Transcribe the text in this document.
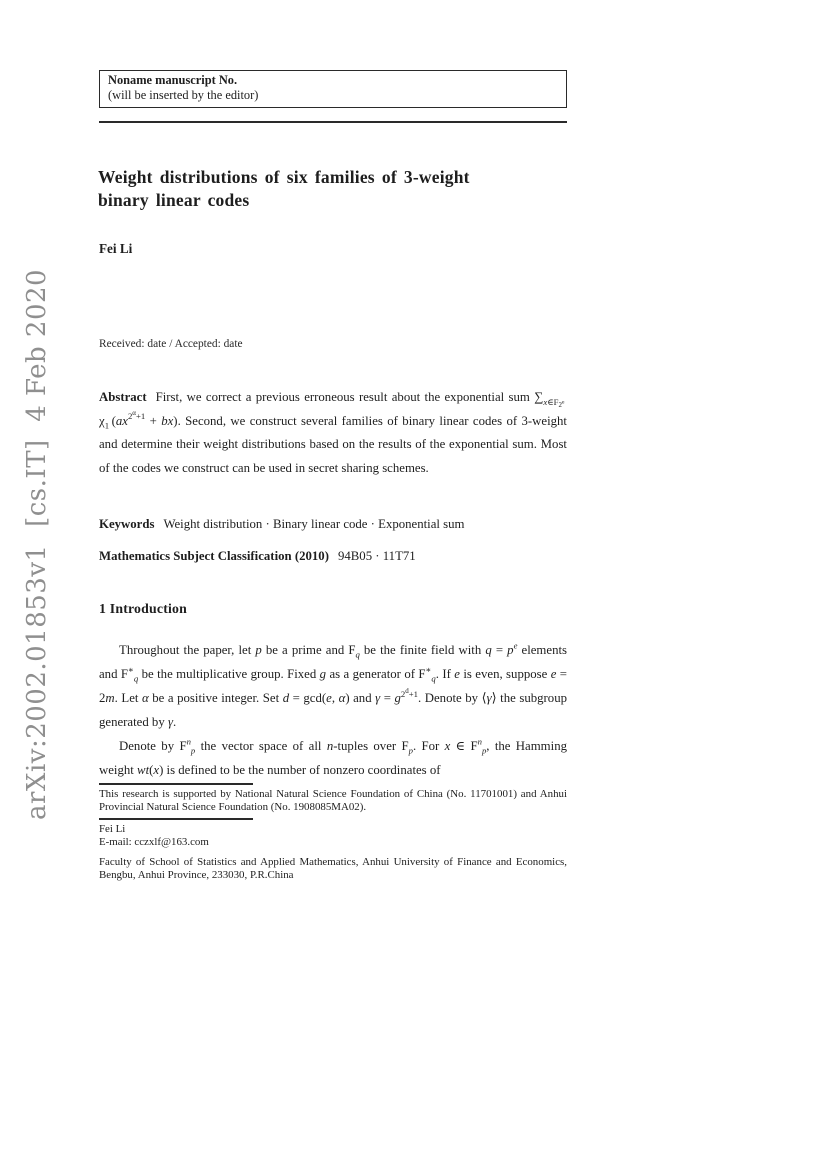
arXiv:2002.01853v1  [cs.IT]  4 Feb 2020
Noname manuscript No.
(will be inserted by the editor)
Weight distributions of six families of 3-weight
binary linear codes
Fei Li
Received: date / Accepted: date
Abstract First, we correct a previous erroneous result about the exponential sum $\sum_{x\in F_{2^e}}$ $\chi_1$ $(ax^{2^\alpha+1} + bx)$. Second, we construct several families of binary linear codes of 3-weight and determine their weight distributions based on the results of the exponential sum. Most of the codes we construct can be used in secret sharing schemes.
Keywords Weight distribution · Binary linear code · Exponential sum
Mathematics Subject Classification (2010) 94B05 · 11T71
1 Introduction
Throughout the paper, let p be a prime and $F_q$ be the finite field with $q = p^e$ elements and $F^∗_q$ be the multiplicative group. Fixed g as a generator of $F^∗_q$. If e is even, suppose e = 2m. Let α be a positive integer. Set d = gcd(e, α) and $\gamma = g^{2^d+1}$. Denote by ⟨γ⟩ the subgroup generated by γ.
Denote by $F^n_p$ the vector space of all n-tuples over $F_p$. For x ∈ $F^n_p$, the Hamming weight wt(x) is defined to be the number of nonzero coordinates of
This research is supported by National Natural Science Foundation of China (No. 11701001) and Anhui Provincial Natural Science Foundation (No. 1908085MA02).
Fei Li
E-mail: cczxlf@163.com
Faculty of School of Statistics and Applied Mathematics, Anhui University of Finance and Economics, Bengbu, Anhui Province, 233030, P.R.China
